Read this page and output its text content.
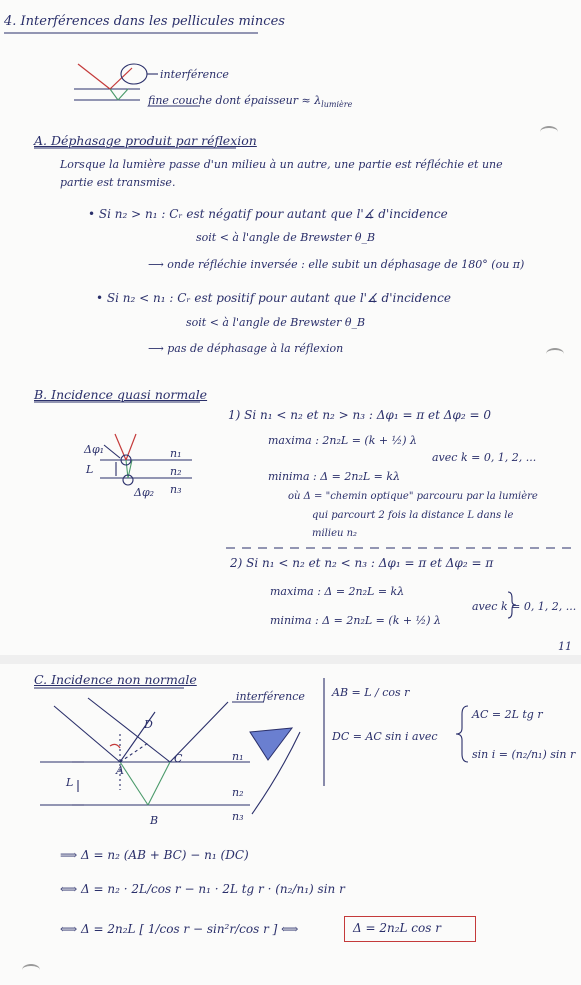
4. Interférences dans les pellicules minces
interférence
fine couche dont épaisseur ≈ $\lambda_{lumière}$
A. Déphasage produit par réflexion
Lorsque la lumière passe d'un milieu à un autre, une partie est réfléchie et une
partie est transmise.
• Si n₂ > n₁ : Cᵣ est négatif pour autant que l'∡ d'incidence
soit < à l'angle de Brewster θ_B
⟶ onde réfléchie inversée : elle subit un déphasage de 180° (ou π)
• Si n₂ < n₁ : Cᵣ est positif pour autant que l'∡ d'incidence
soit < à l'angle de Brewster θ_B
⟶ pas de déphasage à la réflexion
B. Incidence quasi normale
Δφ₁
L
Δφ₂
n₁
n₂
n₃
1) Si n₁ < n₂ et n₂ > n₃ : Δφ₁ = π et Δφ₂ = 0
maxima : 2n₂L = (k + ½) λ
avec k = 0, 1, 2, ...
minima : Δ = 2n₂L = kλ
où Δ = "chemin optique" parcouru par la lumière
qui parcourt 2 fois la distance L dans le
milieu n₂
2) Si n₁ < n₂ et n₂ < n₃ : Δφ₁ = π et Δφ₂ = π
maxima : Δ = 2n₂L = kλ
avec k = 0, 1, 2, ...
minima : Δ = 2n₂L = (k + ½) λ
11
C. Incidence non normale
interférence
D
A
C
B
L
n₁
n₂
n₃
AB = L / cos r
DC = AC sin i avec
AC = 2L tg r
sin i = (n₂/n₁) sin r
⟹ Δ = n₂ (AB + BC) − n₁ (DC)
⟺ Δ = n₂ · 2L/cos r − n₁ · 2L tg r · (n₂/n₁) sin r
⟺ Δ = 2n₂L [ 1/cos r − sin²r/cos r ] ⟺	Δ = 2n₂L cos r
